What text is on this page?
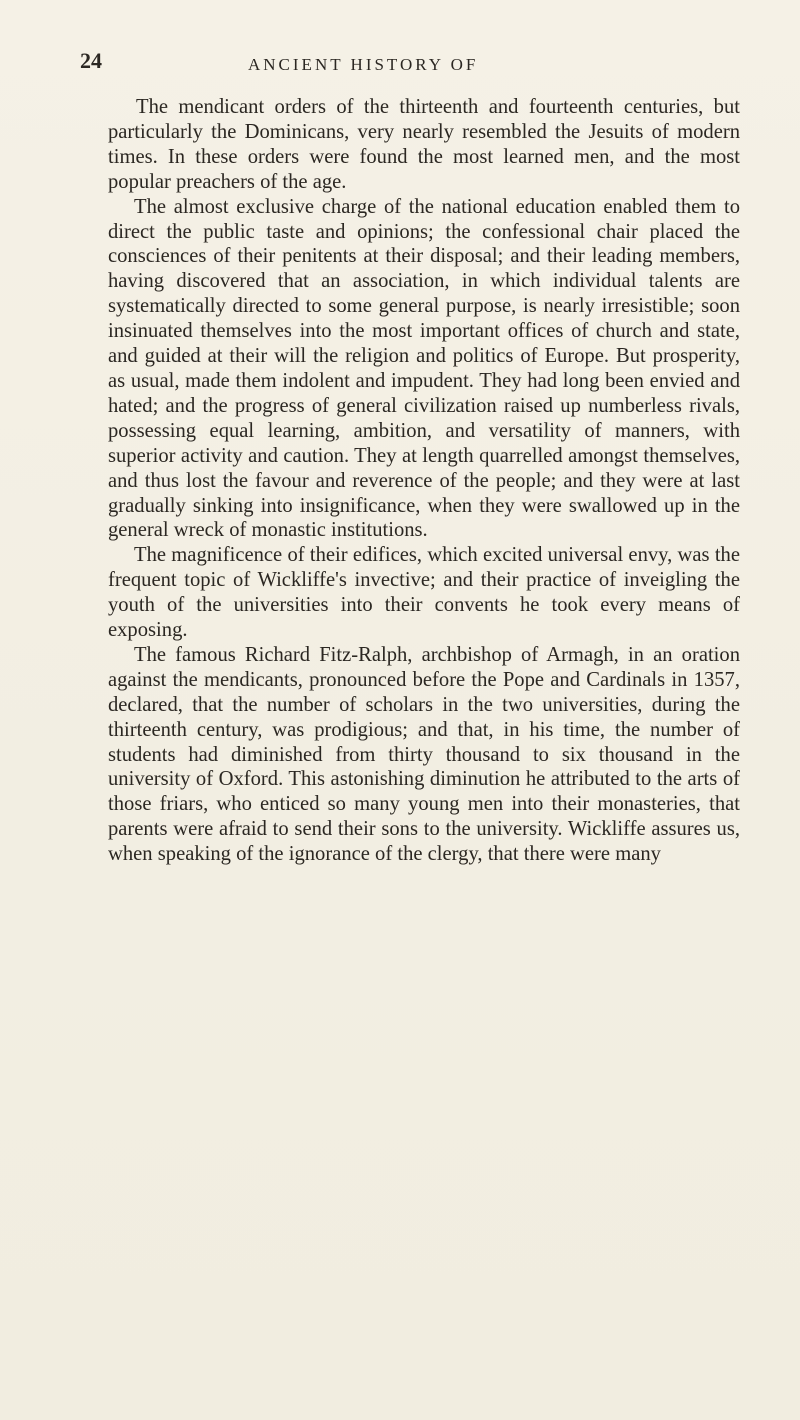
24	ANCIENT HISTORY OF

The mendicant orders of the thirteenth and fourteenth centuries, but particularly the Dominicans, very nearly resembled the Jesuits of modern times. In these orders were found the most learned men, and the most popular preachers of the age.

The almost exclusive charge of the national education enabled them to direct the public taste and opinions; the confessional chair placed the consciences of their penitents at their disposal; and their leading members, having discovered that an association, in which individual talents are systematically directed to some general purpose, is nearly irresistible; soon insinuated themselves into the most important offices of church and state, and guided at their will the religion and politics of Europe. But prosperity, as usual, made them indolent and impudent. They had long been envied and hated; and the progress of general civilization raised up numberless rivals, possessing equal learning, ambition, and versatility of manners, with superior activity and caution. They at length quarrelled amongst themselves, and thus lost the favour and reverence of the people; and they were at last gradually sinking into insignificance, when they were swallowed up in the general wreck of monastic institutions.

The magnificence of their edifices, which excited universal envy, was the frequent topic of Wickliffe's invective; and their practice of inveigling the youth of the universities into their convents he took every means of exposing.

The famous Richard Fitz-Ralph, archbishop of Armagh, in an oration against the mendicants, pronounced before the Pope and Cardinals in 1357, declared, that the number of scholars in the two universities, during the thirteenth century, was prodigious; and that, in his time, the number of students had diminished from thirty thousand to six thousand in the university of Oxford. This astonishing diminution he attributed to the arts of those friars, who enticed so many young men into their monasteries, that parents were afraid to send their sons to the university. Wickliffe assures us, when speaking of the ignorance of the clergy, that there were many
